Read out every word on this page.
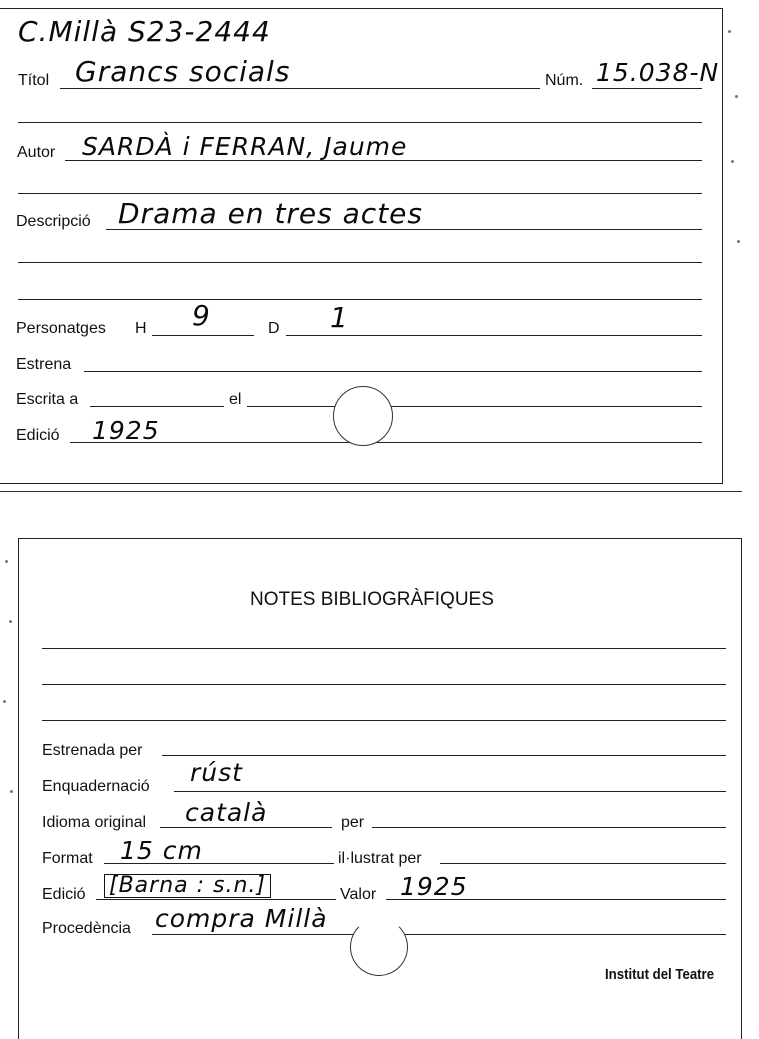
C.Millà S23-2444
Títol Grancs socials	Núm. 15.038-N
Autor SARDÀ i FERRAN, Jaume
Descripció Drama en tres actes
Personatges H 9	D 1
Estrena
Escrita a	el
Edició 1925
NOTES BIBLIOGRÀFIQUES
Estrenada per
Enquadernació rúst
Idioma original català	per
Format 15 cm	il·lustrat per
Edició [Barna : s.n.]	Valor 1925
Procedència compra Millà
Institut del Teatre
